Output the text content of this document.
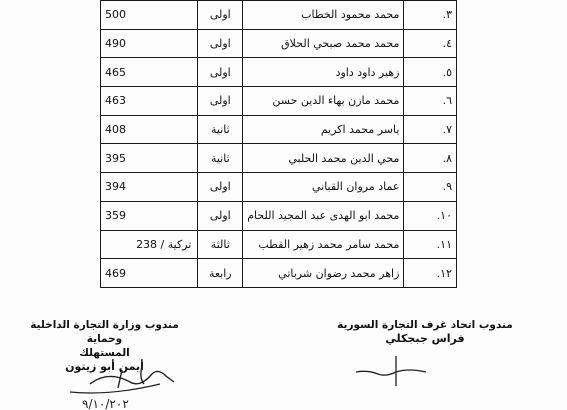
٣.	محمد محمود الخطاب	اولى	500
٤.	محمد محمد صبحي الحلاق	اولى	490
٥.	زهير داود داود	اولى	465
٦.	محمد مازن بهاء الدين حسن	اولى	463
٧.	ياسر محمد اكريم	ثانية	408
٨.	محي الدين محمد الحلبي	ثانية	395
٩.	عماد مروان القباني	اولى	394
١٠.	محمد ابو الهدى عبد المجيد اللحام	اولى	359
١١.	محمد سامر محمد زهير القطب	ثالثة	تركية / 238
١٢.	زاهر محمد رضوان شرباتي	رابعة	469
مندوب وزارة التجارة الداخلية وحماية
المستهلك
أيمن أبو زيتون
٩/١٠/٢٠٢
مندوب اتحاد غرف التجارة السورية
فراس جبجكلي
